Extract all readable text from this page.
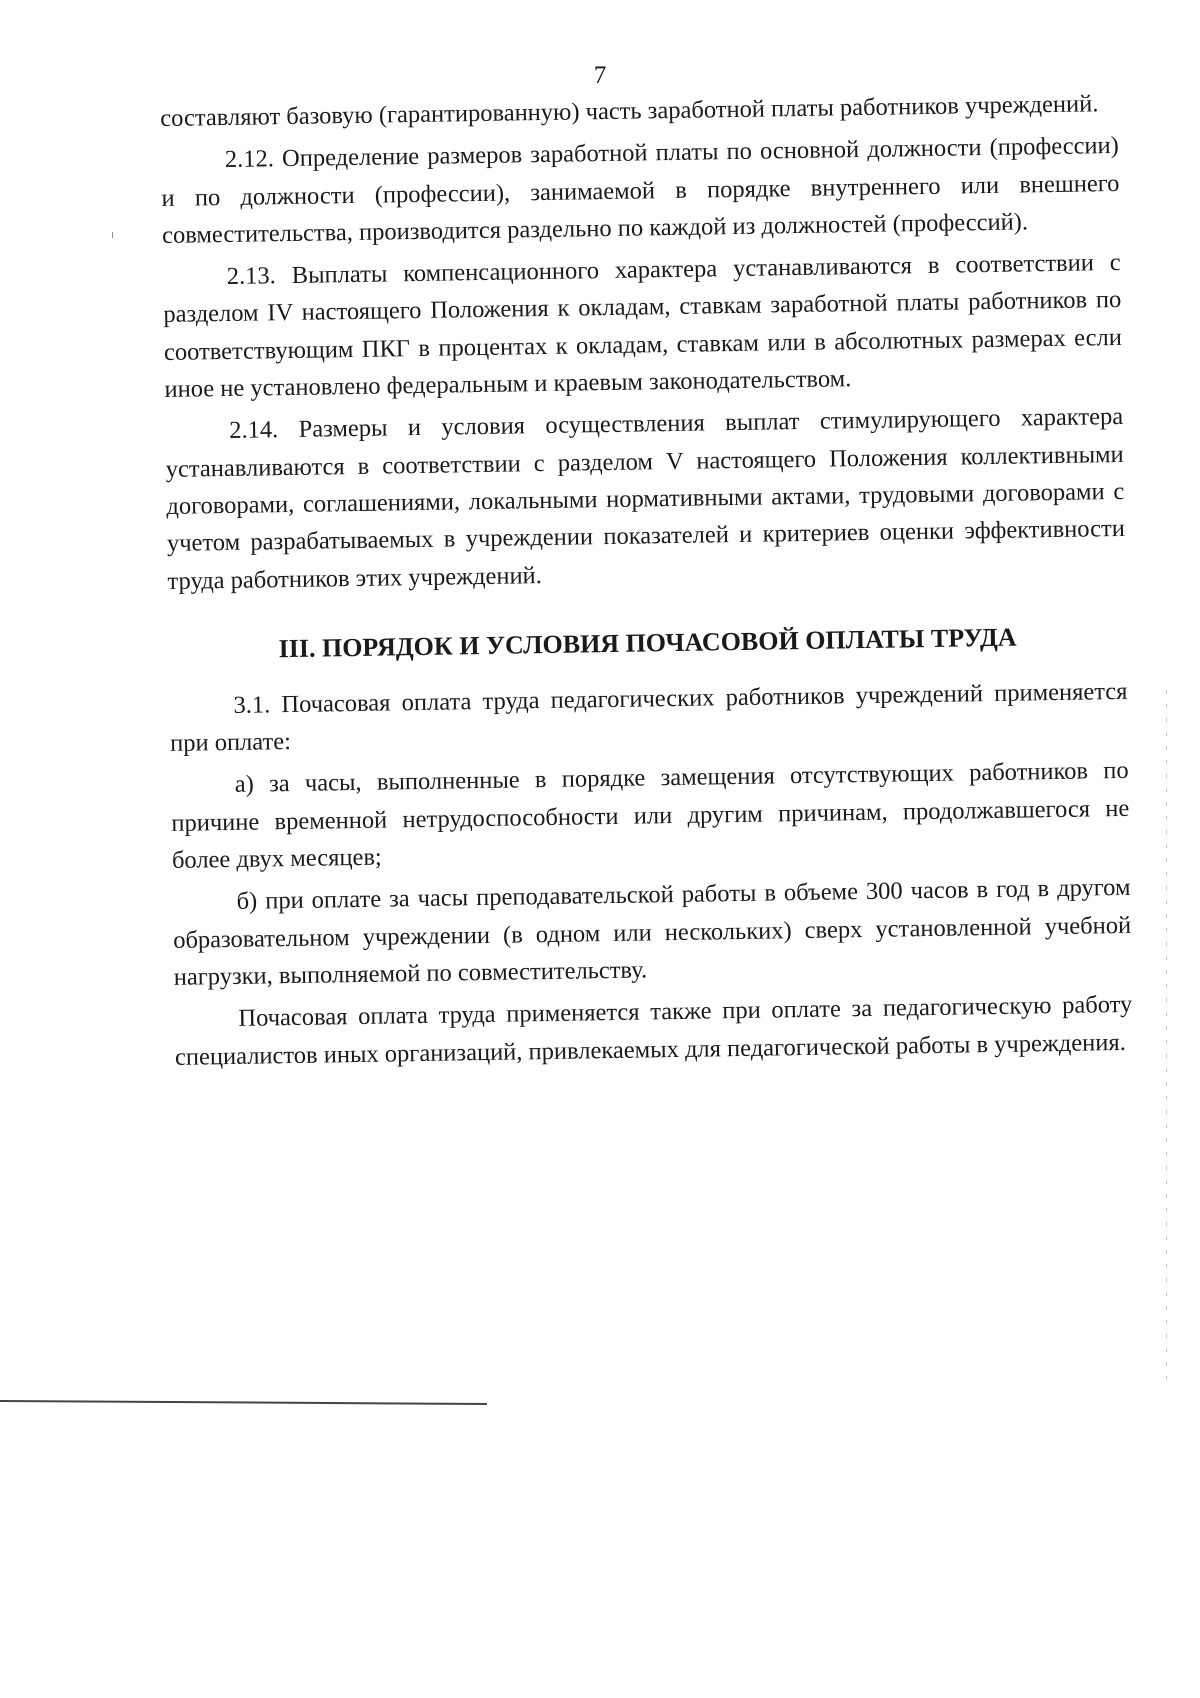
7

составляют базовую (гарантированную) часть заработной платы работников учреждений.

2.12. Определение размеров заработной платы по основной должности (профессии) и по должности (профессии), занимаемой в порядке внутреннего или внешнего совместительства, производится раздельно по каждой из должностей (профессий).

2.13. Выплаты компенсационного характера устанавливаются в соответствии с разделом IV настоящего Положения к окладам, ставкам заработной платы работников по соответствующим ПКГ в процентах к окладам, ставкам или в абсолютных размерах если иное не установлено федеральным и краевым законодательством.

2.14. Размеры и условия осуществления выплат стимулирующего характера устанавливаются в соответствии с разделом V настоящего Положения коллективными договорами, соглашениями, локальными нормативными актами, трудовыми договорами с учетом разрабатываемых в учреждении показателей и критериев оценки эффективности труда работников этих учреждений.

III. ПОРЯДОК И УСЛОВИЯ ПОЧАСОВОЙ ОПЛАТЫ ТРУДА

3.1. Почасовая оплата труда педагогических работников учреждений применяется при оплате:

а) за часы, выполненные в порядке замещения отсутствующих работников по причине временной нетрудоспособности или другим причинам, продолжавшегося не более двух месяцев;

б) при оплате за часы преподавательской работы в объеме 300 часов в год в другом образовательном учреждении (в одном или нескольких) сверх установленной учебной нагрузки, выполняемой по совместительству.

Почасовая оплата труда применяется также при оплате за педагогическую работу специалистов иных организаций, привлекаемых для педагогической работы в учреждения.
